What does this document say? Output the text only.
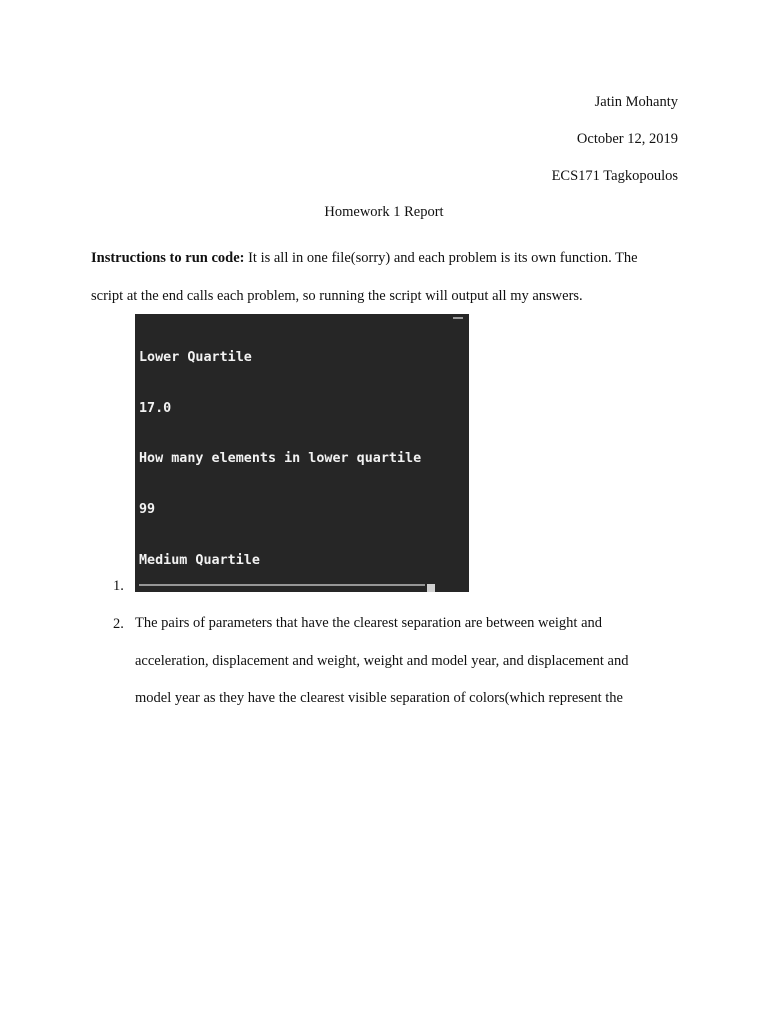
Jatin Mohanty
October 12, 2019
ECS171 Tagkopoulos
Homework 1 Report
Instructions to run code: It is all in one file(sorry) and each problem is its own function. The
script at the end calls each problem, so running the script will output all my answers.

Lower Quartile

17.0

How many elements in lower quartile

99

Medium Quartile

1.
2. The pairs of parameters that have the clearest separation are between weight and
acceleration, displacement and weight, weight and model year, and displacement and
model year as they have the clearest visible separation of colors(which represent the
